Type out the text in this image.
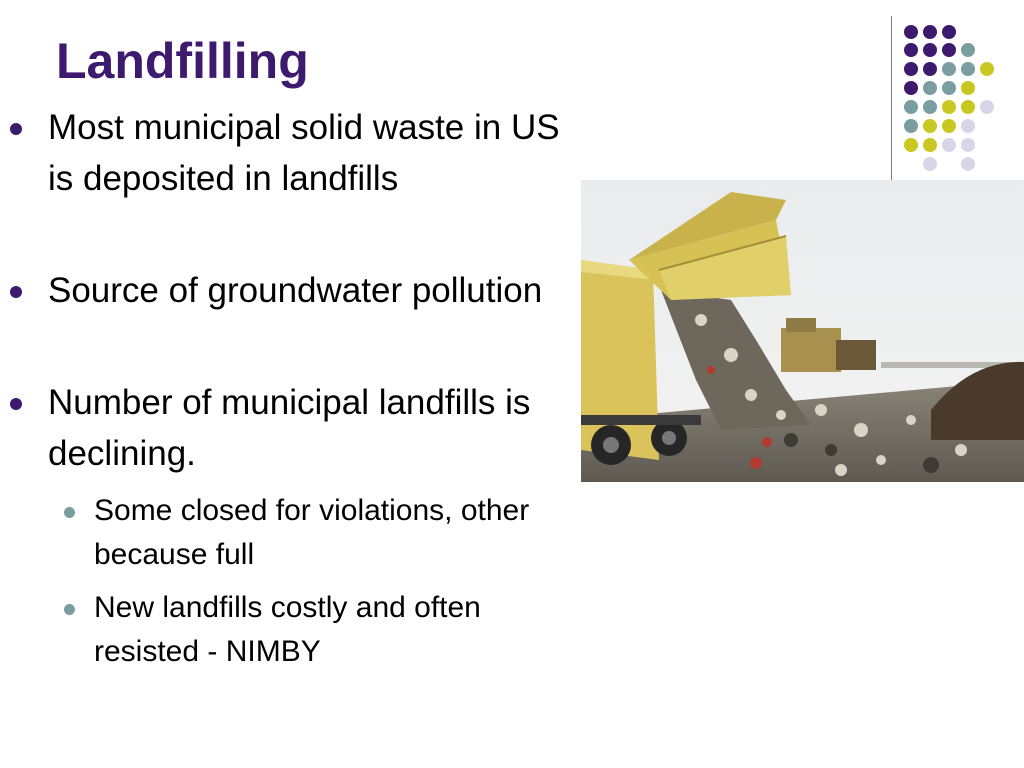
Landfilling
Most municipal solid waste in US is deposited in landfills
Source of groundwater pollution
Number of municipal landfills is declining.
Some closed for violations, other because full
New landfills costly and often resisted - NIMBY
